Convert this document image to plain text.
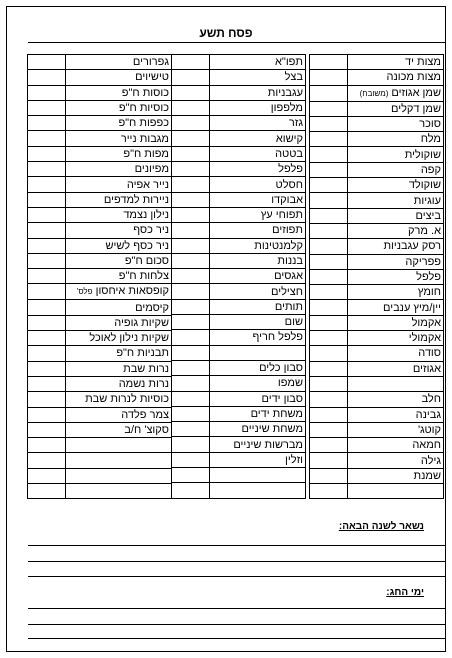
פסח תשע
	מצות יד
	מצות מכונה
	שמן אגוזים (משובח)
	שמן דקלים
	סוכר
	מלח
	שוקולית
	קפה
	שוקולד
	עוגיות
	ביצים
	א. מרק
	רסק עגבניות
	פפריקה
	פלפל
	חומץ
	יין/מיץ ענבים
	אקמול
	אקמולי
	סודה
	אגוזים

	חלב
	גבינה
	קוטג'
	חמאה
	גילה
	שמנת

	תפו"א
	בצל
	עגבניות
	מלפפון
	גזר
	קישוא
	בטטה
	פלפל
	חסלט
	אבוקדו
	תפוחי עץ
	תפוזים
	קלמנטינות
	בננות
	אגסים
	חצילים
	תותים
	שום
	פלפל חריף

	סבון כלים
	שמפו
	סבון ידים
	משחת ידים
	משחת שיניים
	מברשות שיניים
	וזלין

	גפרורים
	טישיוים
	כוסות ח"פ
	כוסיות ח"פ
	כפפות ח"פ
	מגבות נייר
	מפות ח"פ
	מפיונים
	נייר אפיה
	ניירות למדפים
	נילון נצמד
	ניר כסף
	ניר כסף לשיש
	סכום ח"פ
	צלחות ח"פ
	קופסאות איחסון פלס'
	קיסמים
	שקיות גופיה
	שקיות נילון לאוכל
	תבניות ח"פ
	נרות שבת
	נרות נשמה
	כוסיות לנרות שבת
	צמר פלדה
	סקוצ' ח/ב

נשאר לשנה הבאה:
ימי החג:
